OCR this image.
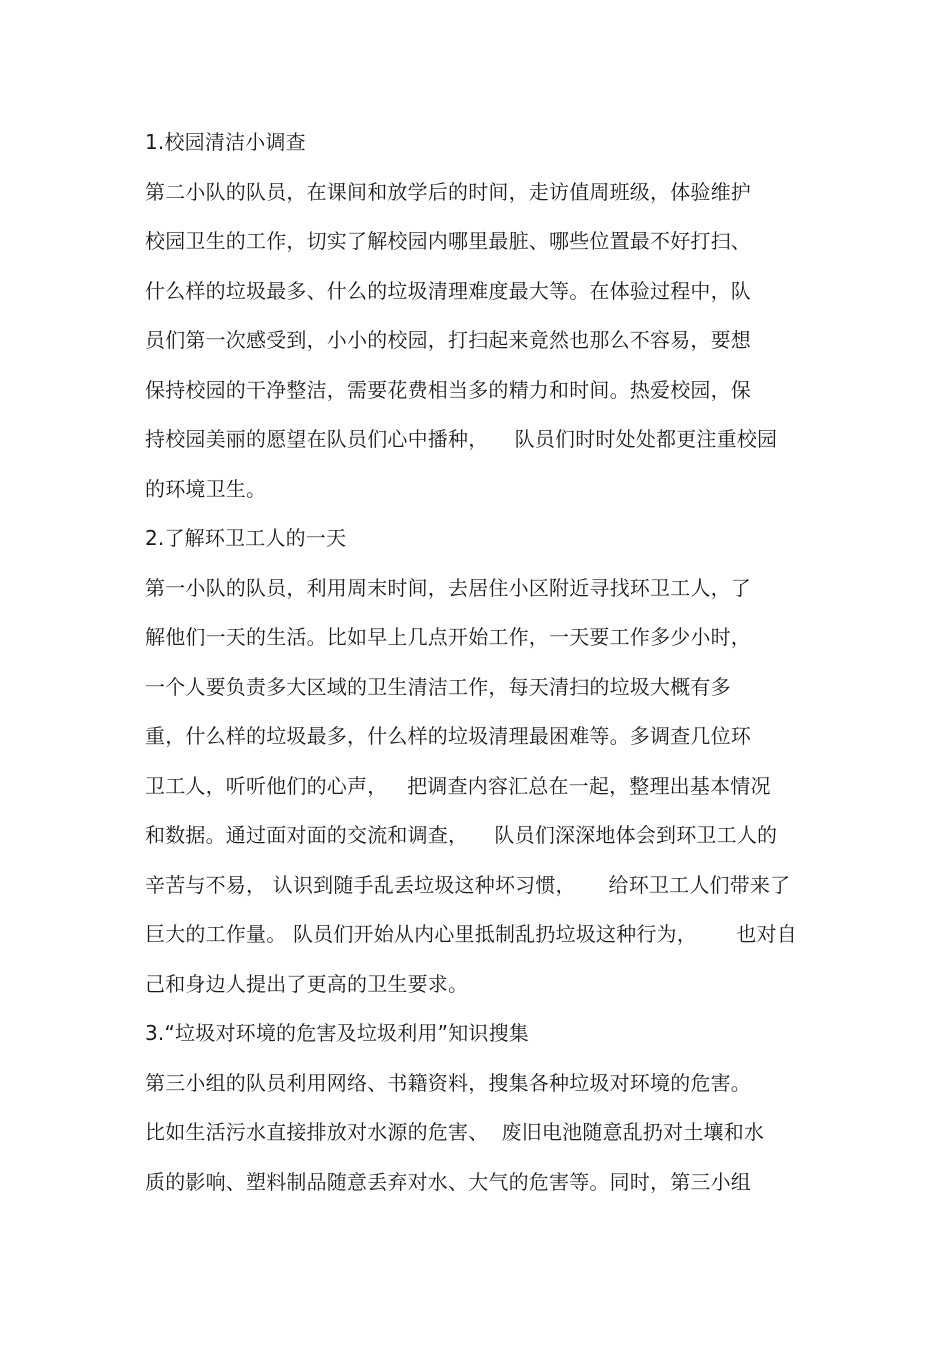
1.校园清洁小调查
第二小队的队员，在课间和放学后的时间，走访值周班级，体验维护
校园卫生的工作，切实了解校园内哪里最脏、哪些位置最不好打扫、
什么样的垃圾最多、什么的垃圾清理难度最大等。在体验过程中，队
员们第一次感受到，小小的校园，打扫起来竟然也那么不容易，要想
保持校园的干净整洁，需要花费相当多的精力和时间。热爱校园，保
持校园美丽的愿望在队员们心中播种，    队员们时时处处都更注重校园
的环境卫生。
2.了解环卫工人的一天
第一小队的队员，利用周末时间，去居住小区附近寻找环卫工人，了
解他们一天的生活。比如早上几点开始工作，一天要工作多少小时，
一个人要负责多大区域的卫生清洁工作，每天清扫的垃圾大概有多
重，什么样的垃圾最多，什么样的垃圾清理最困难等。多调查几位环
卫工人，听听他们的心声，   把调查内容汇总在一起，整理出基本情况
和数据。通过面对面的交流和调查，    队员们深深地体会到环卫工人的
辛苦与不易， 认识到随手乱丢垃圾这种坏习惯，     给环卫工人们带来了
巨大的工作量。 队员们开始从内心里抵制乱扔垃圾这种行为，      也对自
己和身边人提出了更高的卫生要求。
3.“垃圾对环境的危害及垃圾利用”知识搜集
第三小组的队员利用网络、书籍资料，搜集各种垃圾对环境的危害。
比如生活污水直接排放对水源的危害、  废旧电池随意乱扔对土壤和水
质的影响、塑料制品随意丢弃对水、大气的危害等。同时，第三小组
